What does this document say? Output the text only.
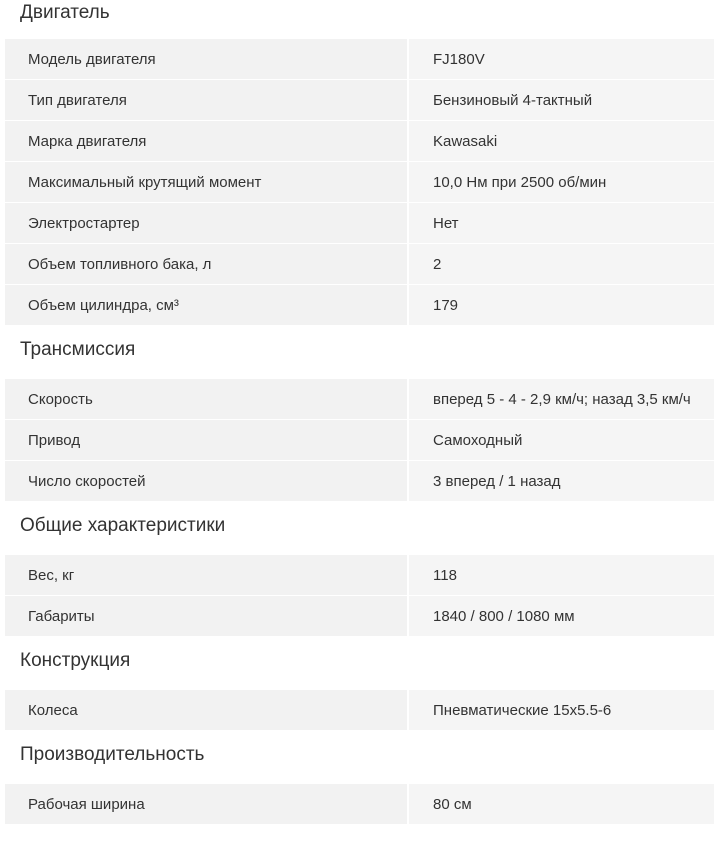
Двигатель
Модель двигателя	FJ180V
Тип двигателя	Бензиновый 4-тактный
Марка двигателя	Kawasaki
Максимальный крутящий момент	10,0 Нм при 2500 об/мин
Электростартер	Нет
Объем топливного бака, л	2
Объем цилиндра, см³	179
Трансмиссия
Скорость	вперед 5 - 4 - 2,9 км/ч; назад 3,5 км/ч
Привод	Самоходный
Число скоростей	3 вперед / 1 назад
Общие характеристики
Вес, кг	118
Габариты	1840 / 800 / 1080 мм
Конструкция
Колеса	Пневматические 15x5.5-6
Производительность
Рабочая ширина	80 см
